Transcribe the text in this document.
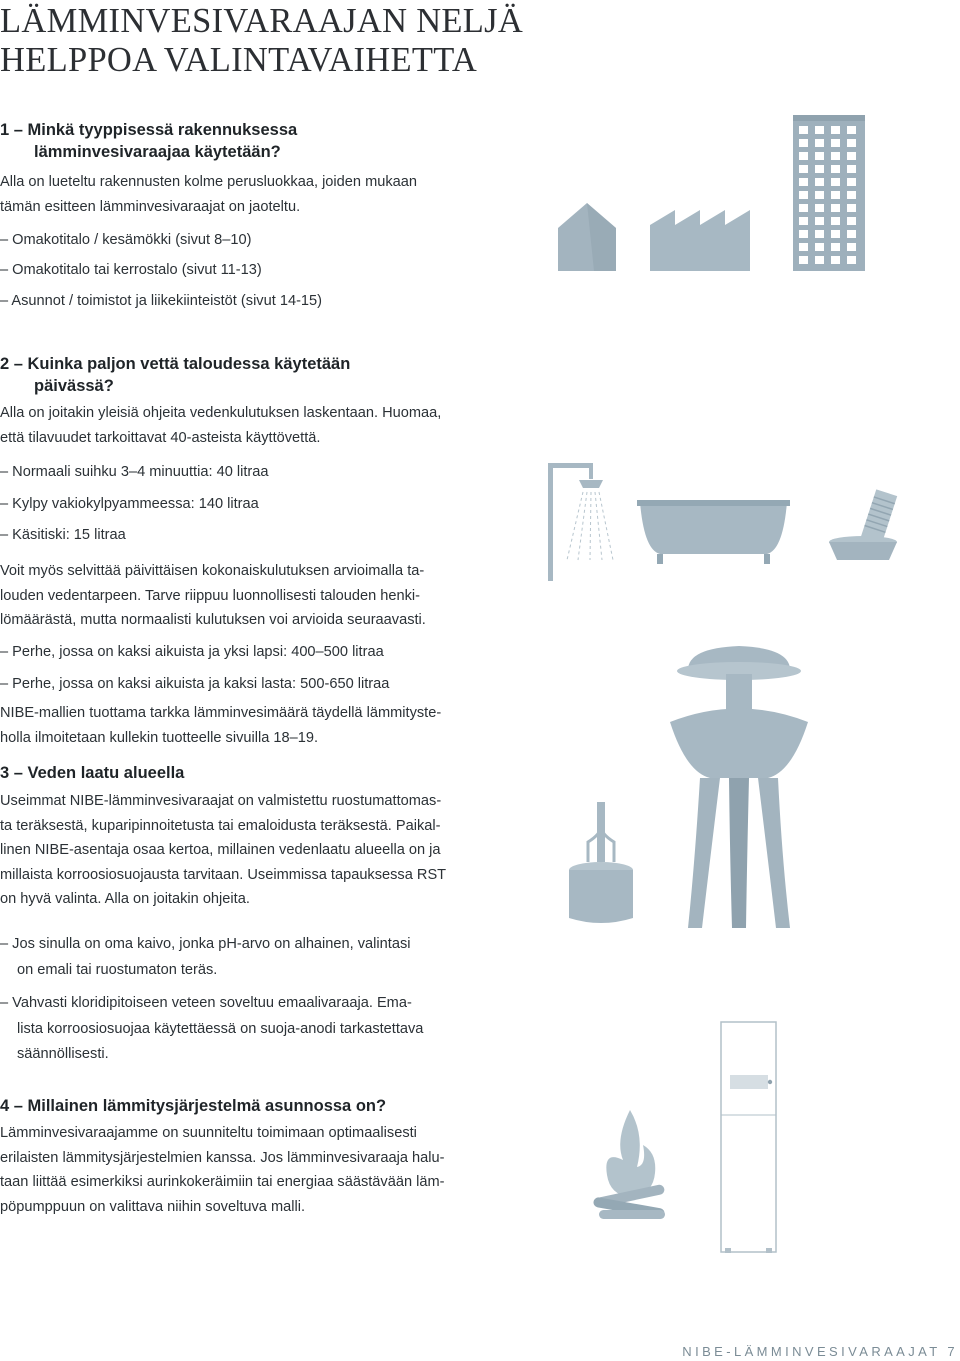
LÄMMINVESIVARAAJAN NELJÄ
HELPPOA VALINTAVAIHETTA
1 – Minkä tyyppisessä rakennuksessa
lämminvesivaraajaa käytetään?

Alla on lueteltu rakennusten kolme perusluokkaa, joiden mukaan
tämän esitteen lämminvesivaraajat on jaoteltu.

– Omakotitalo / kesämökki (sivut 8–10)
– Omakotitalo tai kerrostalo (sivut 11-13)
– Asunnot / toimistot ja liikekiinteistöt (sivut 14-15)
2 – Kuinka paljon vettä taloudessa käytetään
päivässä?

Alla on joitakin yleisiä ohjeita vedenkulutuksen laskentaan. Huomaa,
että tilavuudet tarkoittavat 40-asteista käyttövettä.

– Normaali suihku 3–4 minuuttia: 40 litraa
– Kylpy vakiokylpyammeessa: 140 litraa
– Käsitiski: 15 litraa

Voit myös selvittää päivittäisen kokonaiskulutuksen arvioimalla ta-
louden vedentarpeen. Tarve riippuu luonnollisesti talouden henki-
lömäärästä, mutta normaalisti kulutuksen voi arvioida seuraavasti.

– Perhe, jossa on kaksi aikuista ja yksi lapsi: 400–500 litraa
– Perhe, jossa on kaksi aikuista ja kaksi lasta: 500-650 litraa

NIBE-mallien tuottama tarkka lämminvesimäärä täydellä lämmityste-
holla ilmoitetaan kullekin tuotteelle sivuilla 18–19.

3 – Veden laatu alueella

Useimmat NIBE-lämminvesivaraajat on valmistettu ruostumattomas-
ta teräksestä, kuparipinnoitetusta tai emaloidusta teräksestä. Paikal-
linen NIBE-asentaja osaa kertoa, millainen vedenlaatu alueella on ja
millaista korroosiosuojausta tarvitaan. Useimmissa tapauksessa RST
on hyvä valinta. Alla on joitakin ohjeita.

– Jos sinulla on oma kaivo, jonka pH-arvo on alhainen, valintasi
on emali tai ruostumaton teräs.
– Vahvasti kloridipitoiseen veteen soveltuu emaalivaraaja. Ema-
lista korroosiosuojaa käytettäessä on suoja-anodi tarkastettava
säännöllisesti.
4 – Millainen lämmitysjärjestelmä asunnossa on?

Lämminvesivaraajamme on suunniteltu toimimaan optimaalisesti
erilaisten lämmitysjärjestelmien kanssa. Jos lämminvesivaraaja halu-
taan liittää esimerkiksi aurinkokeräimiin tai energiaa säästävään läm-
pöpumppuun on valittava niihin soveltuva malli.

NIBE-LÄMMINVESIVARAAJAT 7
